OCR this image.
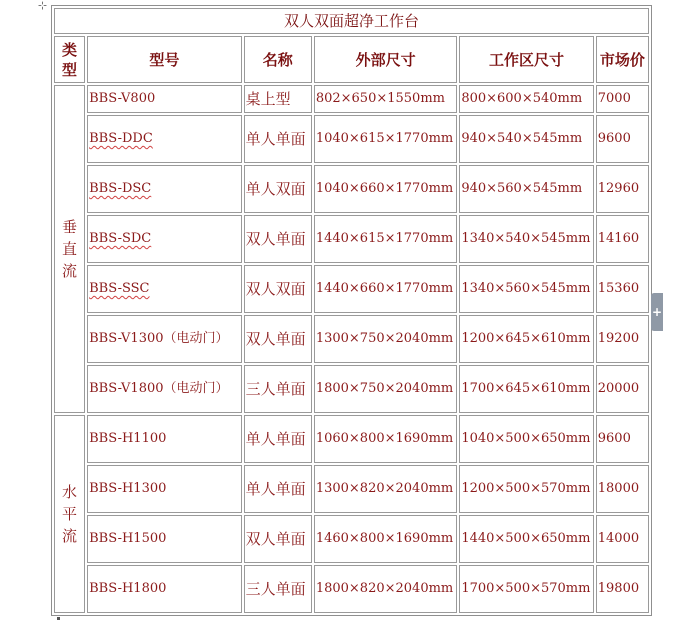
⊹
双人双面超净工作台					
类型	型号	名称	外部尺寸	工作区尺寸	市场价
垂直流	BBS-V800	桌上型	802×650×1550mm	800×600×540mm	7000
	BBS-DDC	单人单面	1040×615×1770mm	940×540×545mm	9600
	BBS-DSC	单人双面	1040×660×1770mm	940×560×545mm	12960
	BBS-SDC	双人单面	1440×615×1770mm	1340×540×545mm	14160
	BBS-SSC	双人双面	1440×660×1770mm	1340×560×545mm	15360
	BBS-V1300（电动门）	双人单面	1300×750×2040mm	1200×645×610mm	19200
	BBS-V1800（电动门）	三人单面	1800×750×2040mm	1700×645×610mm	20000
水平流	BBS-H1100	单人单面	1060×800×1690mm	1040×500×650mm	9600
	BBS-H1300	单人单面	1300×820×2040mm	1200×500×570mm	18000
	BBS-H1500	双人单面	1460×800×1690mm	1440×500×650mm	14000
	BBS-H1800	三人单面	1800×820×2040mm	1700×500×570mm	19800
+
